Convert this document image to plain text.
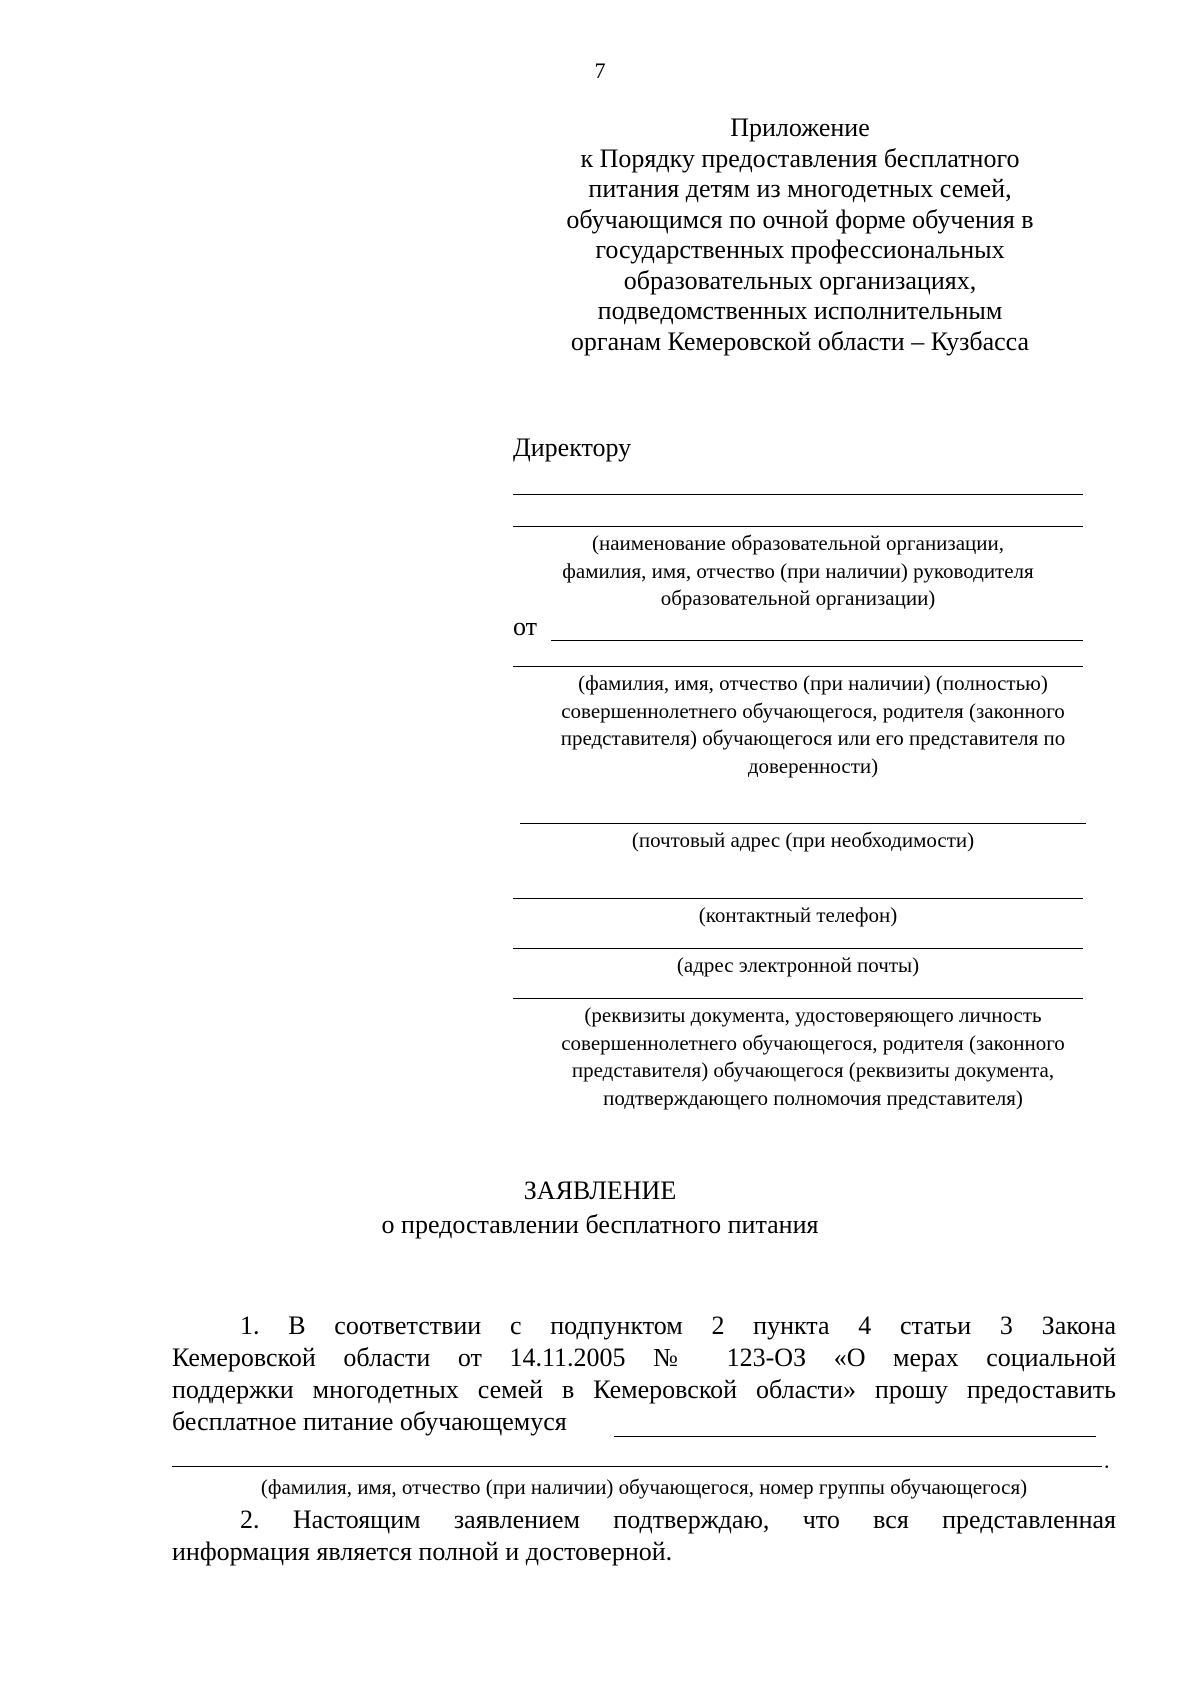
7
Приложение
к Порядку предоставления бесплатного
питания детям из многодетных семей,
обучающимся по очной форме обучения в
государственных профессиональных
образовательных организациях,
подведомственных исполнительным
органам Кемеровской области – Кузбасса
Директору
(наименование образовательной организации,
фамилия, имя, отчество (при наличии) руководителя
образовательной организации)
от
(фамилия, имя, отчество (при наличии) (полностью)
совершеннолетнего обучающегося, родителя (законного
представителя) обучающегося или его представителя по
доверенности)
(почтовый адрес (при необходимости)
(контактный телефон)
(адрес электронной почты)
(реквизиты документа, удостоверяющего личность
совершеннолетнего обучающегося, родителя (законного
представителя) обучающегося (реквизиты документа,
подтверждающего полномочия представителя)
ЗАЯВЛЕНИЕ
о предоставлении бесплатного питания
1. В соответствии с подпунктом 2 пункта 4 статьи 3 Закона
Кемеровской области от 14.11.2005 № 123-ОЗ «О мерах социальной
поддержки многодетных семей в Кемеровской области» прошу предоставить
бесплатное питание обучающемуся
.
(фамилия, имя, отчество (при наличии) обучающегося, номер группы обучающегося)
2. Настоящим заявлением подтверждаю, что вся представленная
информация является полной и достоверной.
